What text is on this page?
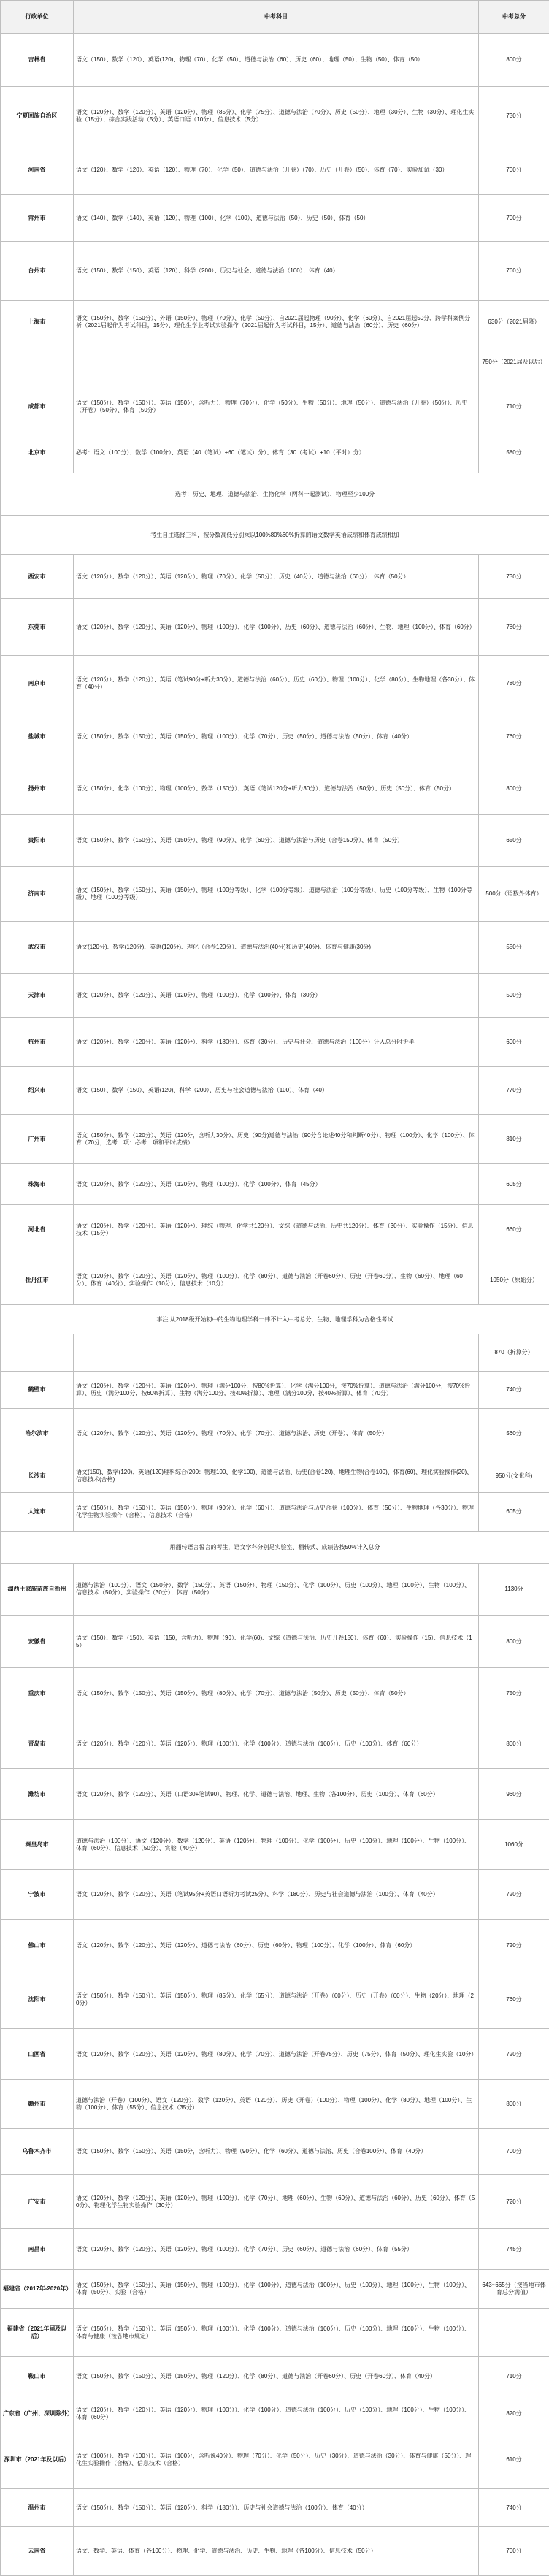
行政单位	中考科目	中考总分
吉林省	语文（150）、数学（120）、英语(120)、物理（70）、化学（50）、道德与法治（60）、历史（60）、地理（50）、生物（50）、体育（50）	800分
宁夏回族自治区	语文（120分）、数学（120分）、英语（120分）、物理（85分）、化学（75分）、道德与法治（70分）、历史（50分）、地理（30分）、生物（30分）、理化生实验（15分）、综合实践活动（5分）、英语口语（10分）、信息技术（5分）	730分
河南省	语文（120）、数学（120）、英语（120）、物理（70）、化学（50）、道德与法治（开卷）（70）、历史（开卷）（50）、体育（70）、实验加试（30）	700分
常州市	语文（140）、数学（140）、英语（120）、物理（100）、化学（100）、道德与法治（50）、历史（50）、体育（50）	700分
台州市	语文（150）、数学（150）、英语（120）、科学（200）、历史与社会、道德与法治（100）、体育（40）	760分
上海市	语文（150分）、数学（150分）、外语（150分）、物理（70分）、化学（50分）、自2021届起物理（90分）、化学（60分）、自2021届起50分、跨学科案例分析（2021届起作为考试科目，15分）、理化生学业考试实验操作（2021届起作为考试科目，15分）、道德与法治（60分）、历史（60分）	630分（2021届降）
		750分（2021届及以后）
成都市	语文（150分）、数学（150分）、英语（150分，含听力）、物理（70分）、化学（50分）、生物（50分）、地理（50分）、道德与法治（开卷）（50分）、历史（开卷）（50分）、体育（50分）	710分
北京市	必考：语文（100分）、数学（100分）、英语（40（笔试）+60（笔试）分）、体育（30（考试）+10（平时）分）	580分
选考：历史、地理、道德与法治、生物化学（两科一起测试）、物理至少100分		
考生自主选择三科，按分数高低分别乘以100%80%60%折算的语文数学英语成绩和体育成绩相加		
西安市	语文（120分）、数学（120分）、英语（120分）、物理（70分）、化学（50分）、历史（40分）、道德与法治（60分）、体育（50分）	730分
东莞市	语文（120分）、数学（120分）、英语（120分）、物理（100分）、化学（100分）、历史（60分）、道德与法治（60分）、生物、地理（100分）、体育（60分）	780分
南京市	语文（120分）、数学（120分）、英语（笔试90分+听力30分）、道德与法治（60分）、历史（60分）、物理（100分）、化学（80分）、生物地理（各30分）、体育（40分）	780分
盐城市	语文（150分）、数学（150分）、英语（150分）、物理（100分）、化学（70分）、历史（50分）、道德与法治（50分）、体育（40分）	760分
扬州市	语文（150分）、化学（100分）、物理（100分）、数学（150分）、英语（笔试120分+听力30分）、道德与法治（50分）、历史（50分）、体育（50分）	800分
贵阳市	语文（150分）、数学（150分）、英语（150分）、物理（90分）、化学（60分）、道德与法治与历史（合卷150分）、体育（50分）	650分
济南市	语文（150分）、数学（150分）、英语（150分）、物理（100分等级）、化学（100分等级）、道德与法治（100分等级）、历史（100分等级）、生物（100分等级）、地理（100分等级）	500分（语数外体育）
武汉市	语文(120分)、数学(120分)、英语(120分)、理化（合卷120分）、道德与法治(40分)和历史(40分)、体育与健康(30分)	550分
天津市	语文（120分）、数学（120分）、英语（120分）、物理（100分）、化学（100分）、体育（30分）	590分
杭州市	语文（120分）、数学（120分）、英语（120分）、科学（180分）、体育（30分）、历史与社会、道德与法治（100分）计入总分时折半	600分
绍兴市	语文（150）、数学（150）、英语(120)、科学（200）、历史与社会道德与法治（100）、体育（40）	770分
广州市	语文（150分）、数学（120分）、英语（120分，含听力30分）、历史（90分)道德与法治（90分含论述40分和判断40分）、物理（100分）、化学（100分）、体育（70分，选考一项：必考一项和平时成绩）	810分
珠海市	语文（120分）、数学（120分）、英语（120分）、物理（100分）、化学（100分）、体育（45分）	605分
河北省	语文（120分）、数学（120分）、英语（120分）、理综（物理、化学共120分）、文综（道德与法治、历史共120分）、体育（30分）、实验操作（15分）、信息技术（15分）	660分
牡丹江市	语文（120分）、数学（120分）、英语（120分）、物理（100分）、化学（80分）、道德与法治（开卷60分）、历史（开卷60分）、生物（60分）、地理（60分）、体育（40分）、实验操作（10分）、信息技术（10分）	1050分（原始分）
事注:从2018级开始初中的生物地理学科一律不计入中考总分，生物、地理学科为合格性考试		
		870（折算分）
鹤壁市	语文（120分）、数学（120分）、英语（120分）、物理（满分100分，按80%折算）、化学（满分100分，按70%折算）、道德与法治（满分100分，按70%折算）、历史（满分100分，按60%折算）、生物（满分100分，按40%折算）、地理（满分100分，按40%折算）、体育（70分）	740分
哈尔滨市	语文（120分）、数学（120分）、英语（120分）、物理（70分）、化学（70分）、道德与法治、历史（开卷）、体育（50分）	560分
长沙市	语文(150)、数学(120)、英语(120)理科综合(200：物理100、化学100)、道德与法治、历史(合卷120)、地理生物(合卷100)、体育(60)、理化实验操作(20)、信息技术(合格)	950分(文化科)
大连市	语文（150分）、数学（150分）、英语（150分）、物理（90分）、化学（60分）、道德与法治与历史合卷（100分）、体育（50分）、生物地理（各30分）、物理化学生物实验操作（合格）、信息技术（合格）	605分
用翻转语言誓言的考生，语文学科分别是实验室、翻转式、成绩告按50%计入总分		
湖西土家族苗族自治州	道德与法治（100分）、语文（150分）、数学（150分）、英语（150分）、物理（150分）、化学（100分）、历史（100分）、地理（100分）、生物（100分）、信息技术（50分）、实验操作（30分）、体育（50分）	1130分
安徽省	语文（150）、数学（150）、英语（150，含听力）、物理（90）、化学(60)、文综（道德与法治、历史开卷150）、体育（60）、实验操作（15）、信息技术（15）	800分
重庆市	语文（150分）、数学（150分）、英语（150分）、物理（80分）、化学（70分）、道德与法治（50分）、历史（50分）、体育（50分）	750分
青岛市	语文（120分）、数学（120分）、英语（120分）、物理（100分）、化学（100分）、道德与法治（100分）、历史（100分）、体育（60分）	800分
潍坊市	语文（120分）、数学（120分）、英语（口语30+笔试90）、物理、化学、道德与法治、地理、生物（各100分）、历史（100分）、体育（60分）	960分
秦皇岛市	道德与法治（100分）、语文（120分）、数学（120分）、英语（120分）、物理（100分）、化学（100分）、历史（100分）、地理（100分）、生物（100分）、体育（60分）、信息技术（50分）、实验（40分）	1060分
宁波市	语文（120分）、数学（120分）、英语（笔试95分+英语口语听力考试25分）、科学（180分）、历史与社会道德与法治（100分）、体育（40分）	720分
佛山市	语文（120分）、数学（120分）、英语（120分）、道德与法治（60分）、历史（60分）、物理（100分）、化学（100分）、体育（60分）	720分
沈阳市	语文（150分）、数学（150分）、英语（150分）、物理（85分）、化学（65分）、道德与法治（开卷）（60分）、历史（开卷）（60分）、生物（20分）、地理（20分）	760分
山西省	语文（120分）、数学（120分）、英语（120分）、物理（80分）、化学（70分）、道德与法治（开卷75分）、历史（75分）、体育（50分）、理化生实验（10分）	720分
赣州市	道德与法治（开卷）（100分）、语文（120分）、数学（120分）、英语（120分）、历史（开卷）（100分）、物理（100分）、化学（80分）、地理（100分）、生物（100分）、体育（55分）、信息技术（35分）	800分
乌鲁木齐市	语文（150分）、数学（150分）、英语（150分，含听力）、物理（90分）、化学（60分）、道德与法治、历史（合卷100分）、体育（40分）	700分
广安市	语文（120分）、数学（120分）、英语（120分）、物理（100分）、化学（70分）、地理（60分）、生物（60分）、道德与法治（60分）、历史（60分）、体育（50分）、物理化学生物实验操作（30分）	720分
南昌市	语文（120分）、数学（120分）、英语（120分）、物理（100分）、化学（70分）、历史（60分）、道德与法治（60分）、体育（55分）	745分
福建省（2017年-2020年）	语文（150分）、数学（150分）、英语（150分）、物理（100分）、化学（100分）、道德与法治（100分）、历史（100分）、地理（100分）、生物（100分）、体育（50分）、实验（合格）	643~665分（按当地市体育总分满值）
福建省（2021年届及以后）	语文（150分）、数学（150分）、英语（150分）、物理（100分）、化学（100分）、道德与法治（100分）、历史（100分）、地理（100分）、生物（100分）、体育与健康（按各地市规定）	
鞍山市	语文（150分）、数学（150分）、英语（150分）、物理（120分）、化学（80分）、道德与法治（开卷60分）、历史（开卷60分）、体育（40分）	710分
广东省（广州、深圳除外）	语文（120分）、数学（120分）、英语（120分）、物理（100分）、化学（100分）、道德与法治（100分）、历史（100分）、地理（100分）、生物（100分）、体育（60分）	820分
深圳市（2021年及以后）	语文（100分）、数学（100分）、英语（100分，含听说40分）、物理（70分）、化学（50分）、历史（30分）、道德与法治（30分）、体育与健康（50分）、理化生实验操作（合格）、信息技术（合格）	610分
温州市	语文（150分）、数学（150分）、英语（120分）、科学（180分）、历史与社会道德与法治（100分）、体育（40分）	740分
云南省	语文、数学、英语、体育（各100分）、物理、化学、道德与法治、历史、生物、地理（各100分）、信息技术（50分）	700分
